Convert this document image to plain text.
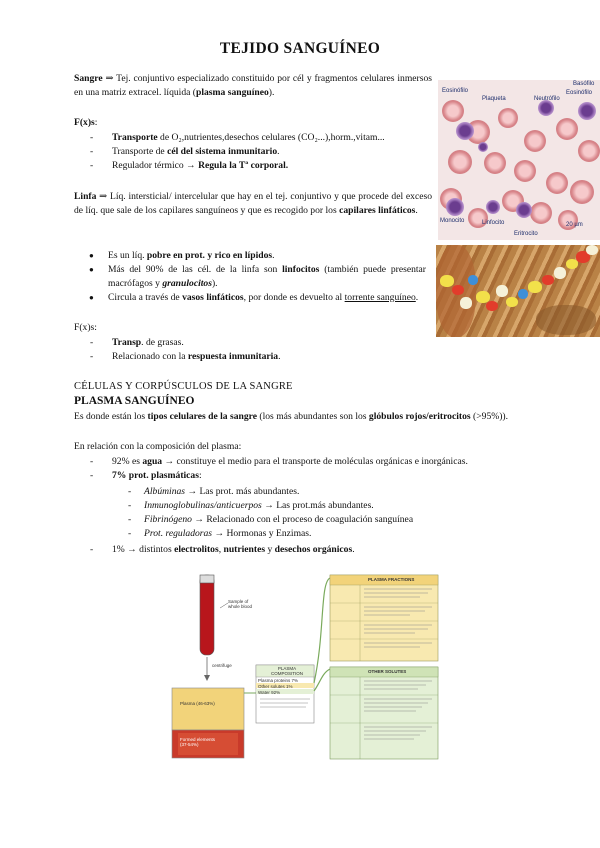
TEJIDO SANGUÍNEO
Sangre ⇒ Tej. conjuntivo especializado constituido por cél y fragmentos celulares inmersos en una matriz extracel. líquida (plasma sanguíneo).
F(x)s:
- Transporte de O₂,nutrientes,desechos celulares (CO₂...),horm.,vitam...
- Transporte de cél del sistema inmunitario.
- Regulador térmico → Regula la Tª corporal.
Linfa ⇒ Líq. intersticial/ intercelular que hay en el tej. conjuntivo y que procede del exceso de líq. que sale de los capilares sanguíneos y que es recogido por los capilares linfáticos.
● Es un líq. pobre en prot. y rico en lípidos.
● Más del 90% de las cél. de la linfa son linfocitos (también puede presentar macrófagos y granulocitos).
● Circula a través de vasos linfáticos, por donde es devuelto al torrente sanguíneo.
F(x)s:
- Transp. de grasas.
- Relacionado con la respuesta inmunitaria.
CÉLULAS Y CORPÚSCULOS DE LA SANGRE
PLASMA SANGUÍNEO
Es donde están los tipos celulares de la sangre (los más abundantes son los glóbulos rojos/eritrocitos (>95%)).
En relación con la composición del plasma:
- 92% es agua → constituye el medio para el transporte de moléculas orgánicas e inorgánicas.
- 7% prot. plasmáticas:
- Albúminas → Las prot. más abundantes.
- Inmunoglobulinas/anticuerpos → Las prot.más abundantes.
- Fibrinógeno → Relacionado con el proceso de coagulación sanguínea
- Prot. reguladoras → Hormonas y Enzimas.
- 1% → distintos electrolitos, nutrientes y desechos orgánicos.
Basófilo
Eosinófilo	Eosinófilo
Plaqueta	Neutrófilo
Monocito	Linfocito
Eritrocito
20 µm
PLASMA FRACTIONS
OTHER SOLUTES
PLASMA COMPOSITION
Plasma proteins 7%
Other solutes 1%
Water 92%
Sample of whole blood
centrifuge
Plasma (46-63%)
Formed elements (37-54%)
